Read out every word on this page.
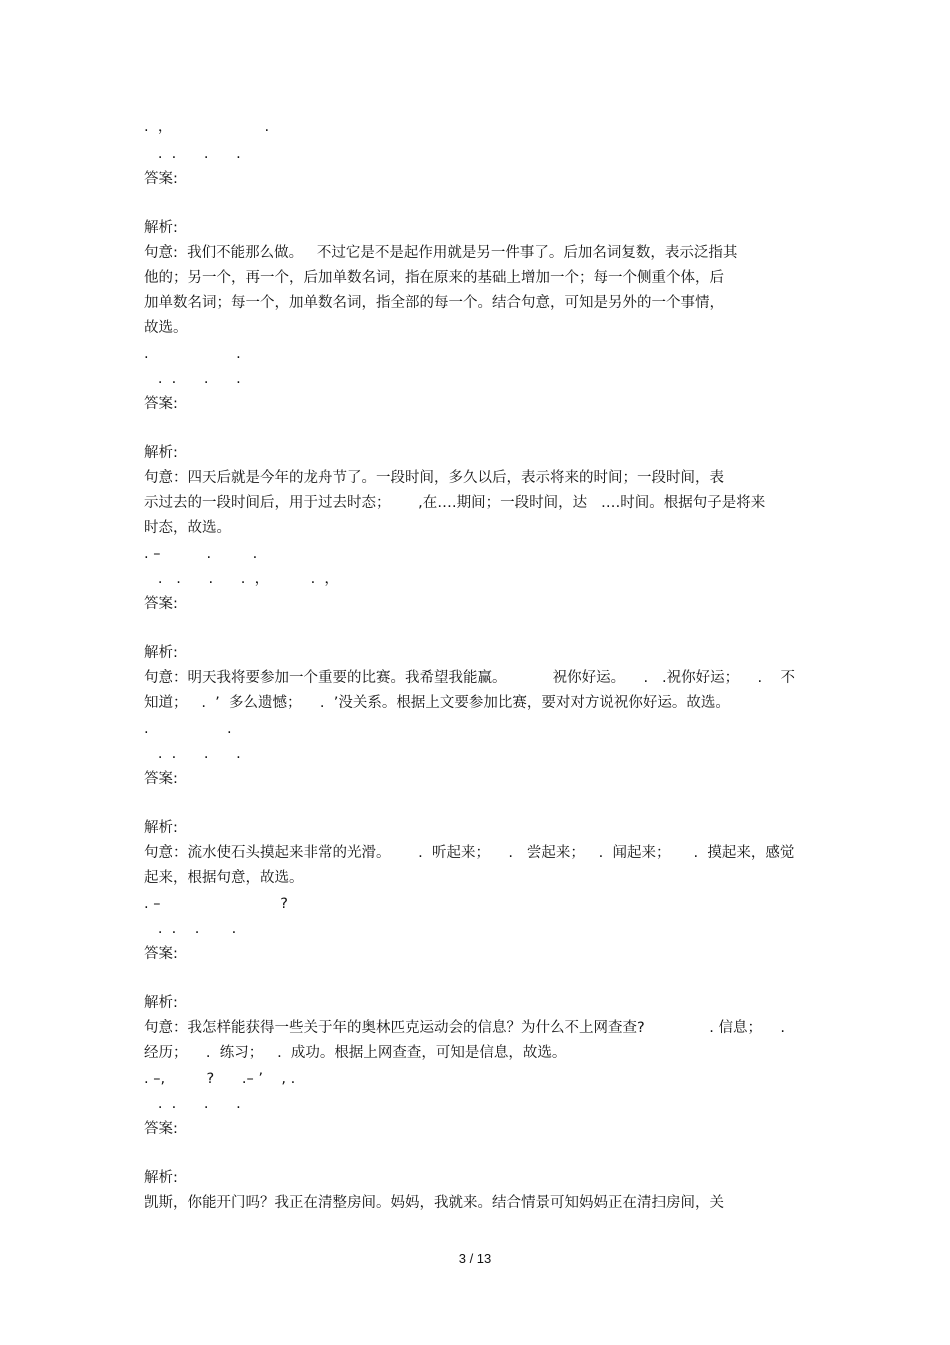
.  ，                    .
.  .      .      .
答案:
解析:
句意:  我们不能那么做。   不过它是不是起作用就是另一件事了。后加名词复数，表示泛指其
他的；另一个，再一个，后加单数名词，指在原来的基础上增加一个；每一个侧重个体，后
加单数名词；每一个，加单数名词，指全部的每一个。结合句意，可知是另外的一个事情，
故选。
.                   .
.  .      .      .
答案:
解析:
句意：四天后就是今年的龙舟节了。一段时间，多久以后，表示将来的时间；一段时间，表
示过去的一段时间后，用于过去时态；      ,在‥‥期间；一段时间，达   ‥‥时间。根据句子是将来
时态，故选。
. –          .         .
.   .      .      .  ，         .  ，
答案:
解析:
句意：明天我将要参加一个重要的比赛。我希望我能赢。          祝你好运。    .   .祝你好运；    .    不
知道；   .  ’  多么遗憾；    .  ’没关系。根据上文要参加比赛，要对对方说祝你好运。故选。
.                 .
.  .      .      .
答案:
解析:
句意：流水使石头摸起来非常的光滑。      .  听起来；    .   尝起来；   .  闻起来；     .  摸起来，感觉
起来，根据句意，故选。
. –                          ?
.  .    .       .
答案:
解析:
句意：我怎样能获得一些关于年的奥林匹克运动会的信息？为什么不上网查查?              . 信息；    .
经历；    .  练习；   .  成功。根据上网查查，可知是信息，故选。
. –,         ?      .– ’    , .
.  .      .      .
答案:
解析:
凯斯，你能开门吗？我正在清整房间。妈妈，我就来。结合情景可知妈妈正在清扫房间，关
3 / 13
